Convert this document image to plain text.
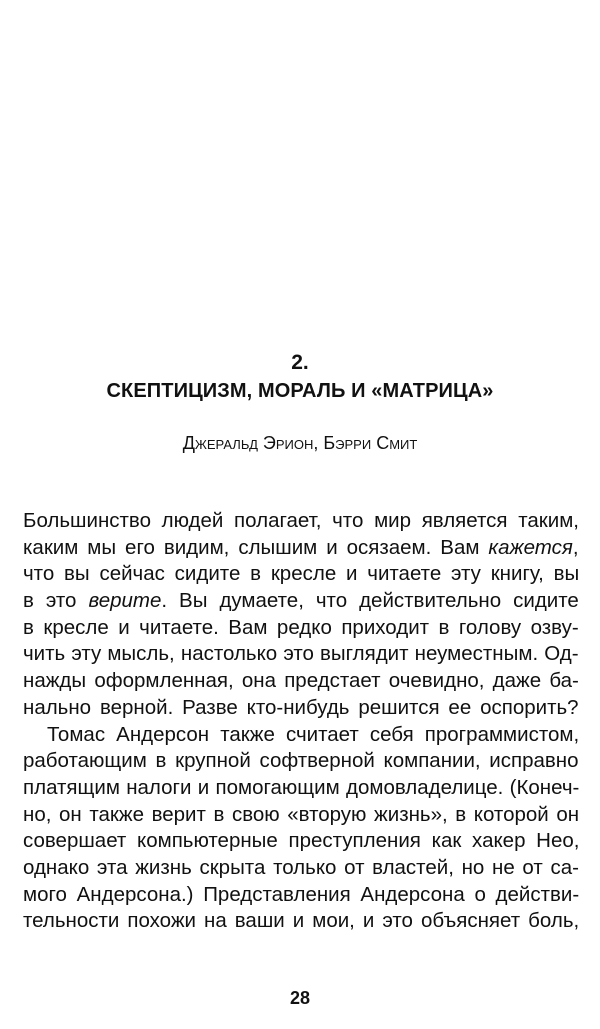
2.
СКЕПТИЦИЗМ, МОРАЛЬ И «МАТРИЦА»
Джеральд Эрион, Бэрри Смит
Большинство людей полагает, что мир является таким,
каким мы его видим, слышим и осязаем. Вам кажется,
что вы сейчас сидите в кресле и читаете эту книгу, вы
в это верите. Вы думаете, что действительно сидите
в кресле и читаете. Вам редко приходит в голову озву-
чить эту мысль, настолько это выглядит неуместным. Од-
нажды оформленная, она предстает очевидно, даже ба-
нально верной. Разве кто-нибудь решится ее оспорить?
Томас Андерсон также считает себя программистом,
работающим в крупной софтверной компании, исправно
платящим налоги и помогающим домовладелице. (Конеч-
но, он также верит в свою «вторую жизнь», в которой он
совершает компьютерные преступления как хакер Нео,
однако эта жизнь скрыта только от властей, но не от са-
мого Андерсона.) Представления Андерсона о действи-
тельности похожи на ваши и мои, и это объясняет боль,
28
